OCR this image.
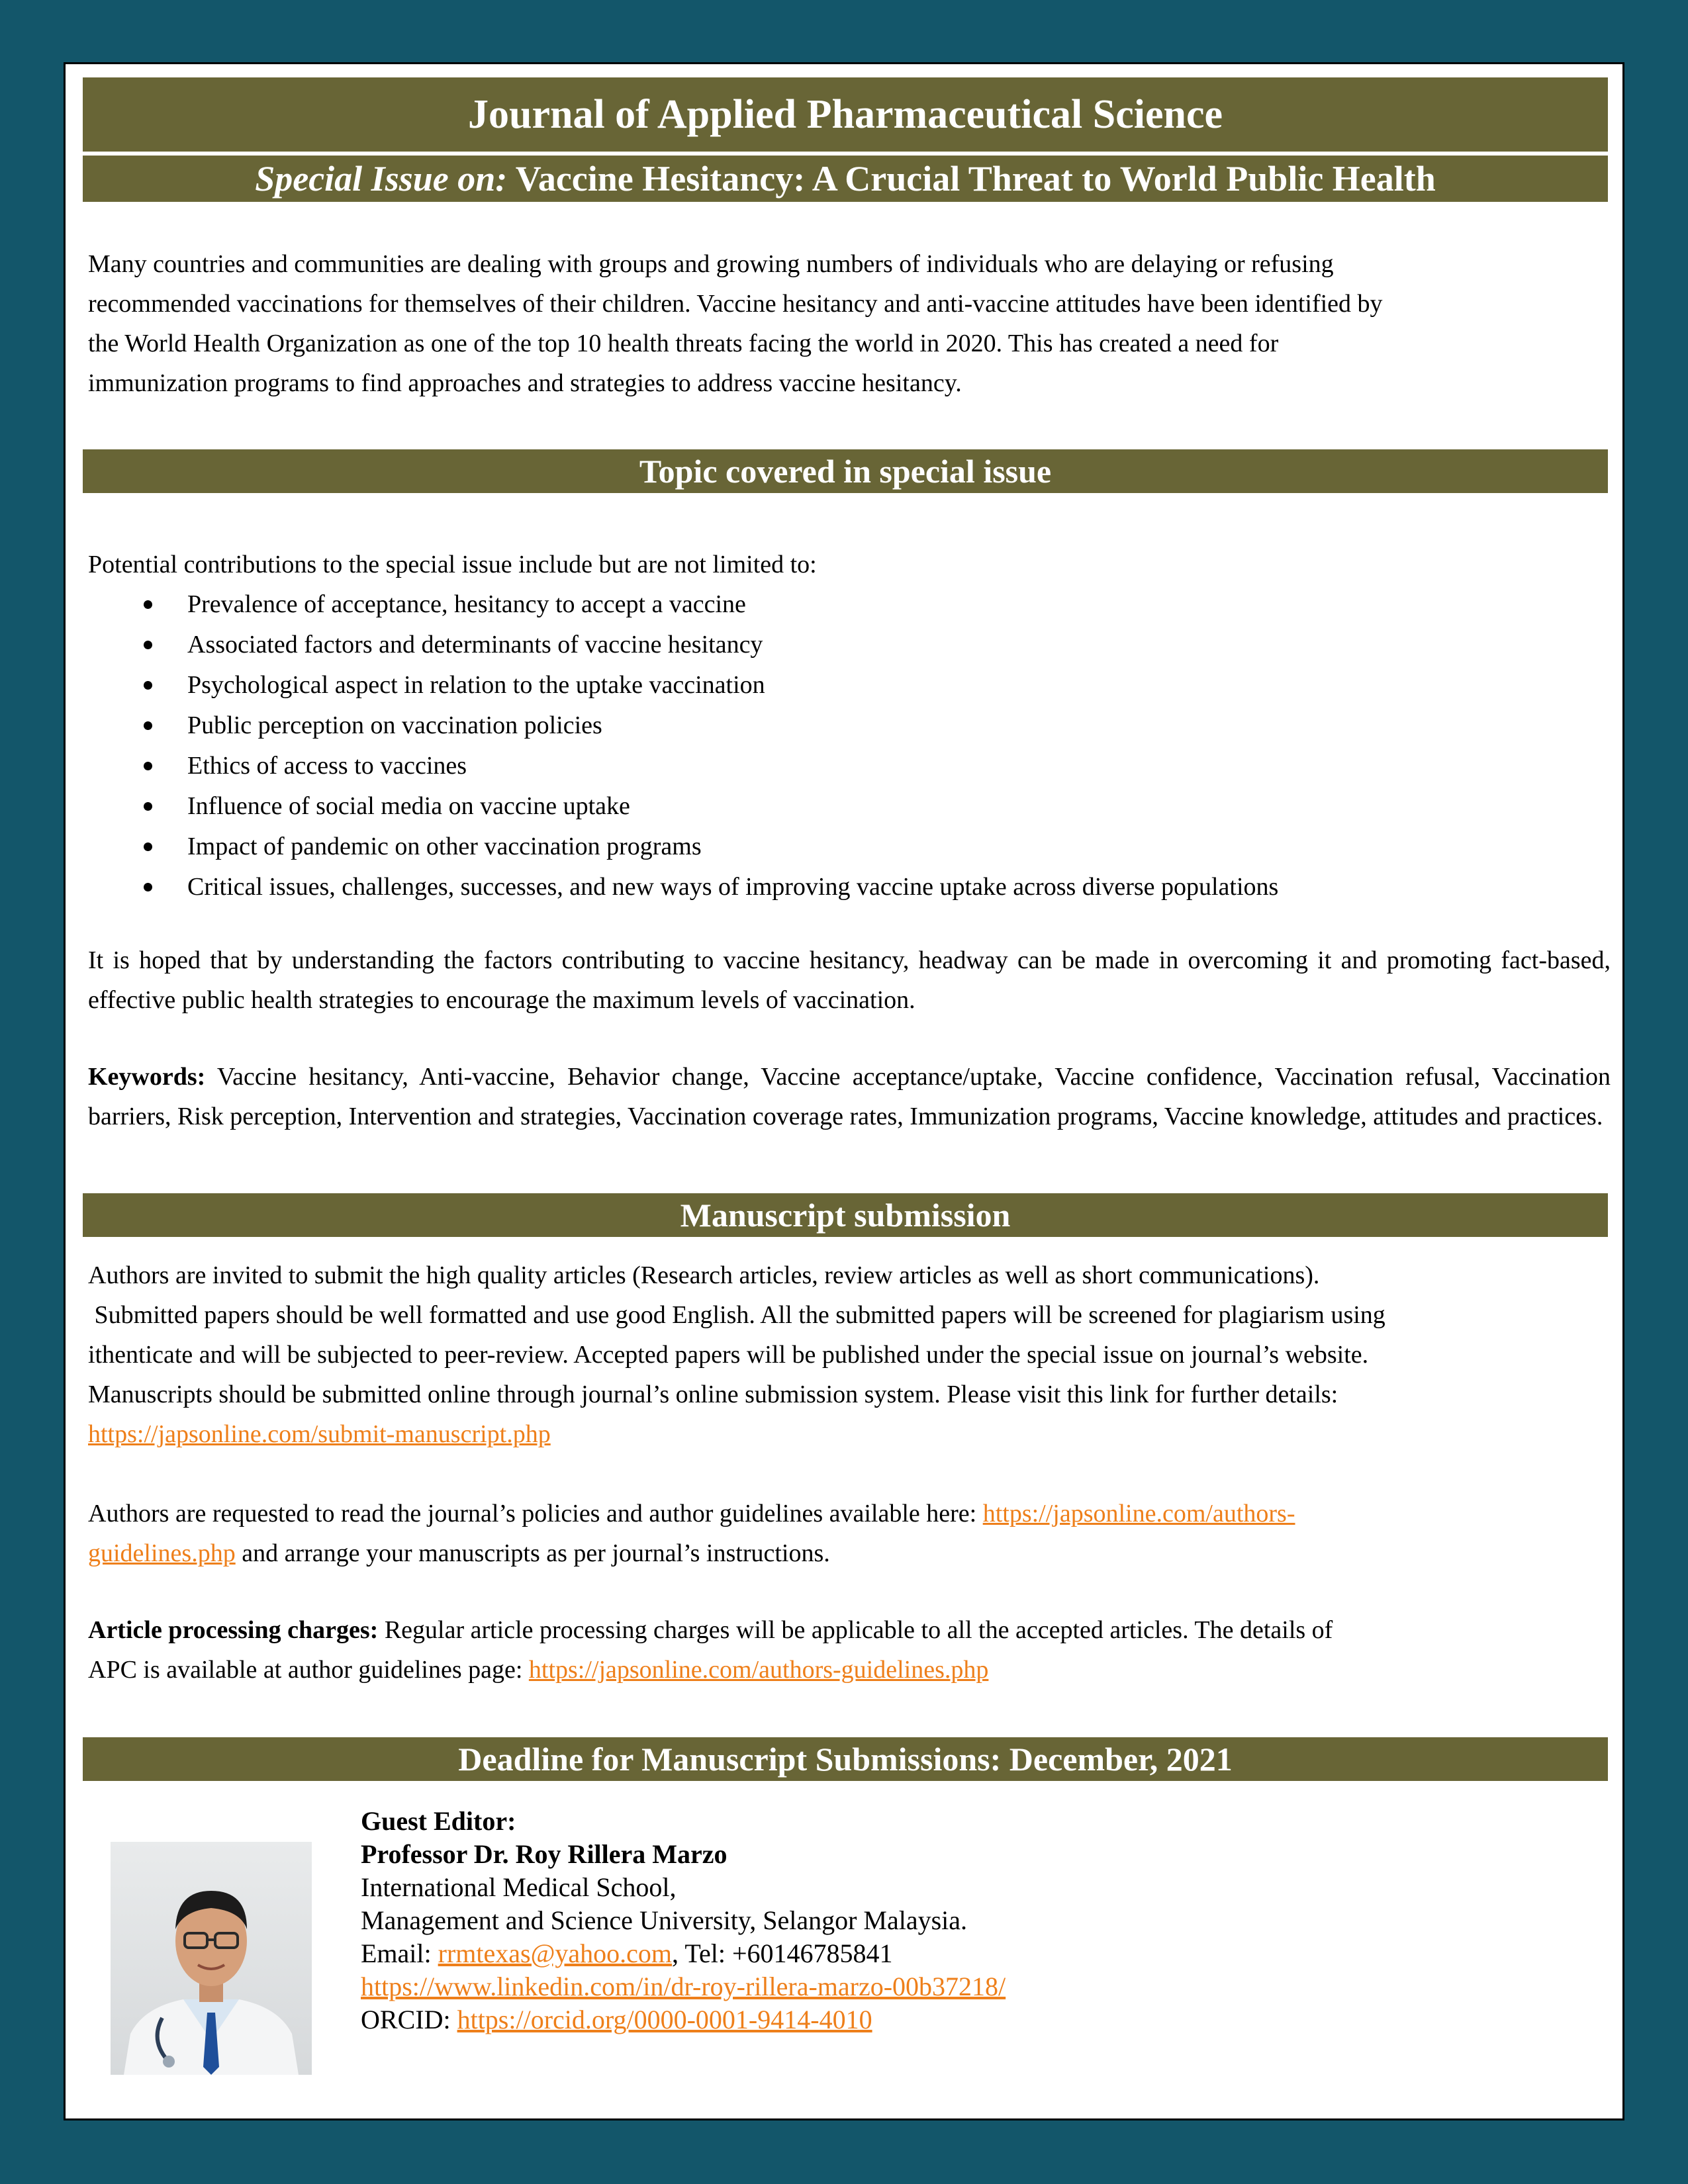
Journal of Applied Pharmaceutical Science
Special Issue on: Vaccine Hesitancy: A Crucial Threat to World Public Health
Many countries and communities are dealing with groups and growing numbers of individuals who are delaying or refusing
recommended vaccinations for themselves of their children. Vaccine hesitancy and anti-vaccine attitudes have been identified by
the World Health Organization as one of the top 10 health threats facing the world in 2020. This has created a need for
immunization programs to find approaches and strategies to address vaccine hesitancy.
Topic covered in special issue
Potential contributions to the special issue include but are not limited to:
Prevalence of acceptance, hesitancy to accept a vaccine
Associated factors and determinants of vaccine hesitancy
Psychological aspect in relation to the uptake vaccination
Public perception on vaccination policies
Ethics of access to vaccines
Influence of social media on vaccine uptake
Impact of pandemic on other vaccination programs
Critical issues, challenges, successes, and new ways of improving vaccine uptake across diverse populations
It is hoped that by understanding the factors contributing to vaccine hesitancy, headway can be made in overcoming it and promoting fact-based, effective public health strategies to encourage the maximum levels of vaccination.
Keywords: Vaccine hesitancy, Anti-vaccine, Behavior change, Vaccine acceptance/uptake, Vaccine confidence, Vaccination refusal, Vaccination barriers, Risk perception, Intervention and strategies, Vaccination coverage rates, Immunization programs, Vaccine knowledge, attitudes and practices.
Manuscript submission
Authors are invited to submit the high quality articles (Research articles, review articles as well as short communications).
Submitted papers should be well formatted and use good English. All the submitted papers will be screened for plagiarism using
ithenticate and will be subjected to peer-review. Accepted papers will be published under the special issue on journal’s website.
Manuscripts should be submitted online through journal’s online submission system. Please visit this link for further details:
https://japsonline.com/submit-manuscript.php
Authors are requested to read the journal’s policies and author guidelines available here: https://japsonline.com/authors-
guidelines.php and arrange your manuscripts as per journal’s instructions.
Article processing charges: Regular article processing charges will be applicable to all the accepted articles. The details of
APC is available at author guidelines page: https://japsonline.com/authors-guidelines.php
Deadline for Manuscript Submissions: December, 2021
Guest Editor:
Professor Dr. Roy Rillera Marzo
International Medical School,
Management and Science University, Selangor Malaysia.
Email: rrmtexas@yahoo.com, Tel: +60146785841
https://www.linkedin.com/in/dr-roy-rillera-marzo-00b37218/
ORCID: https://orcid.org/0000-0001-9414-4010
